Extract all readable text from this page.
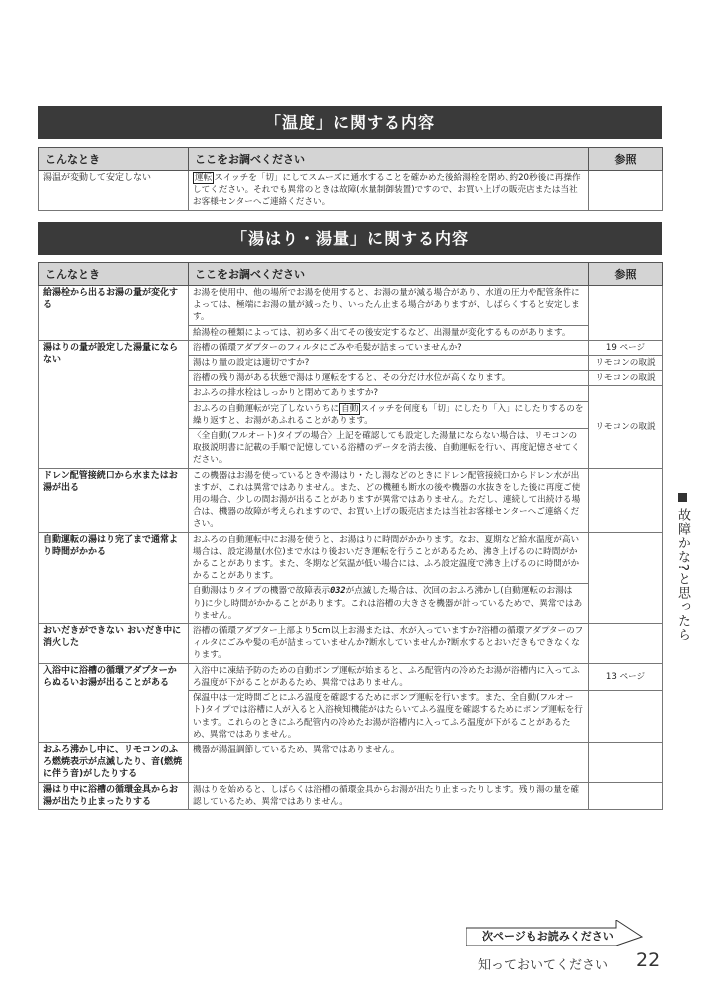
「温度」に関する内容
こんなとき	ここをお調べください	参照
湯温が変動して安定しない	運転 スイッチを「切」にしてスムーズに通水することを確かめた後給湯栓を閉め､約20秒後に再操作してください。それでも異常のときは故障(水量制御装置)ですので、お買い上げの販売店または当社お客様センターへご連絡ください。	
「湯はり・湯量」に関する内容
こんなとき	ここをお調べください	参照
給湯栓から出るお湯の量が変化する	お湯を使用中、他の場所でお湯を使用すると、お湯の量が減る場合があり、水道の圧力や配管条件によっては、極端にお湯の量が減ったり、いったん止まる場合がありますが、しばらくすると安定します。	
	給湯栓の種類によっては、初め多く出てその後安定するなど、出湯量が変化するものがあります。	
湯はりの量が設定した湯量にならない	浴槽の循環アダプターのフィルタにごみや毛髪が詰まっていませんか?	19 ページ
	湯はり量の設定は適切ですか?	リモコンの取説
	浴槽の残り湯がある状態で湯はり運転をすると、その分だけ水位が高くなります。	リモコンの取説
	おふろの排水栓はしっかりと閉めてありますか?	リモコンの取説
	おふろの自動運転が完了しないうちに 自動 スイッチを何度も「切」にしたり「入」にしたりするのを繰り返すと、お湯があふれることがあります。	
	〈全自動(フルオート)タイプの場合〉上記を確認しても設定した湯量にならない場合は、リモコンの取扱説明書に記載の手順で記憶している浴槽のデータを消去後、自動運転を行い、再度記憶させてください。	
ドレン配管接続口から水またはお湯が出る	この機器はお湯を使っているときや湯はり・たし湯などのときにドレン配管接続口からドレン水が出ますが、これは異常ではありません。また、どの機種も断水の後や機器の水抜きをした後に再度ご使用の場合、少しの間お湯が出ることがありますが異常ではありません。ただし、連続して出続ける場合は、機器の故障が考えられますので、お買い上げの販売店または当社お客様センターへご連絡ください。	
自動運転の湯はり完了まで通常より時間がかかる	おふろの自動運転中にお湯を使うと、お湯はりに時間がかかります。なお、夏期など給水温度が高い場合は、設定湯量(水位)まで水はり後おいだき運転を行うことがあるため、沸き上げるのに時間がかかることがあります。また、冬期など気温が低い場合には、ふろ設定温度で沸き上げるのに時間がかかることがあります。	
	自動湯はりタイプの機器で故障表示032が点滅した場合は、次回のおふろ沸かし(自動運転のお湯はり)に少し時間がかかることがあります。これは浴槽の大きさを機器が計っているためで、異常ではありません。	
おいだきができない おいだき中に消火した	浴槽の循環アダプター上部より5cm以上お湯または、水が入っていますか?浴槽の循環アダプターのフィルタにごみや髪の毛が詰まっていませんか?断水していませんか?断水するとおいだきもできなくなります。	
入浴中に浴槽の循環アダプターからぬるいお湯が出ることがある	入浴中に凍結予防のための自動ポンプ運転が始まると、ふろ配管内の冷めたお湯が浴槽内に入ってふろ温度が下がることがあるため、異常ではありません。	13 ページ
	保温中は一定時間ごとにふろ温度を確認するためにポンプ運転を行います。また、全自動(フルオート)タイプでは浴槽に人が入ると入浴検知機能がはたらいてふろ温度を確認するためにポンプ運転を行います。これらのときにふろ配管内の冷めたお湯が浴槽内に入ってふろ温度が下がることがあるため、異常ではありません。	
おふろ沸かし中に、リモコンのふろ燃焼表示が点滅したり、音(燃焼に伴う音)がしたりする	機器が湯温調節しているため、異常ではありません。	
湯はり中に浴槽の循環金具からお湯が出たり止まったりする	湯はりを始めると、しばらくは浴槽の循環金具からお湯が出たり止まったりします。残り湯の量を確認しているため、異常ではありません。	
故障かな?と思ったら
次ページもお読みください
知っておいてください 22
